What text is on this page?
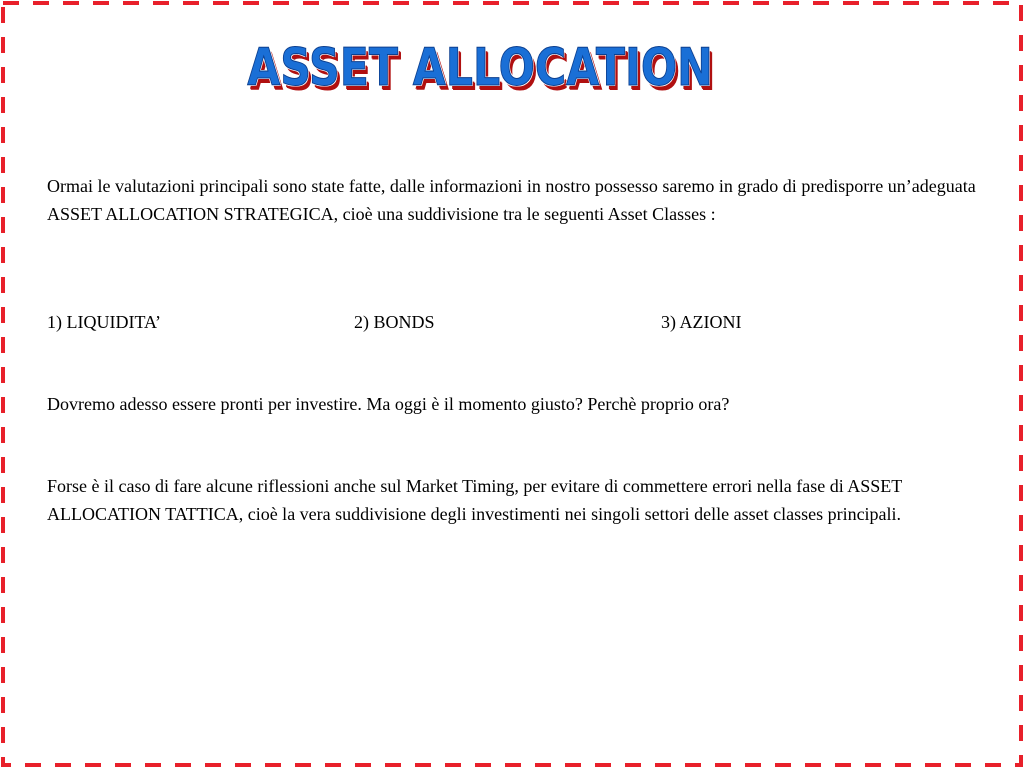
ASSET ALLOCATION

Ormai le valutazioni principali sono state fatte, dalle informazioni in nostro possesso saremo in grado di predisporre un’adeguata ASSET ALLOCATION STRATEGICA, cioè una suddivisione tra le seguenti Asset Classes :

1) LIQUIDITA’	2) BONDS	3) AZIONI

Dovremo adesso essere pronti per investire. Ma oggi è il momento giusto? Perchè proprio ora?

Forse è il caso di fare alcune riflessioni anche sul Market Timing, per evitare di commettere errori nella fase di ASSET ALLOCATION TATTICA, cioè la vera suddivisione degli investimenti nei singoli settori delle asset classes principali.
